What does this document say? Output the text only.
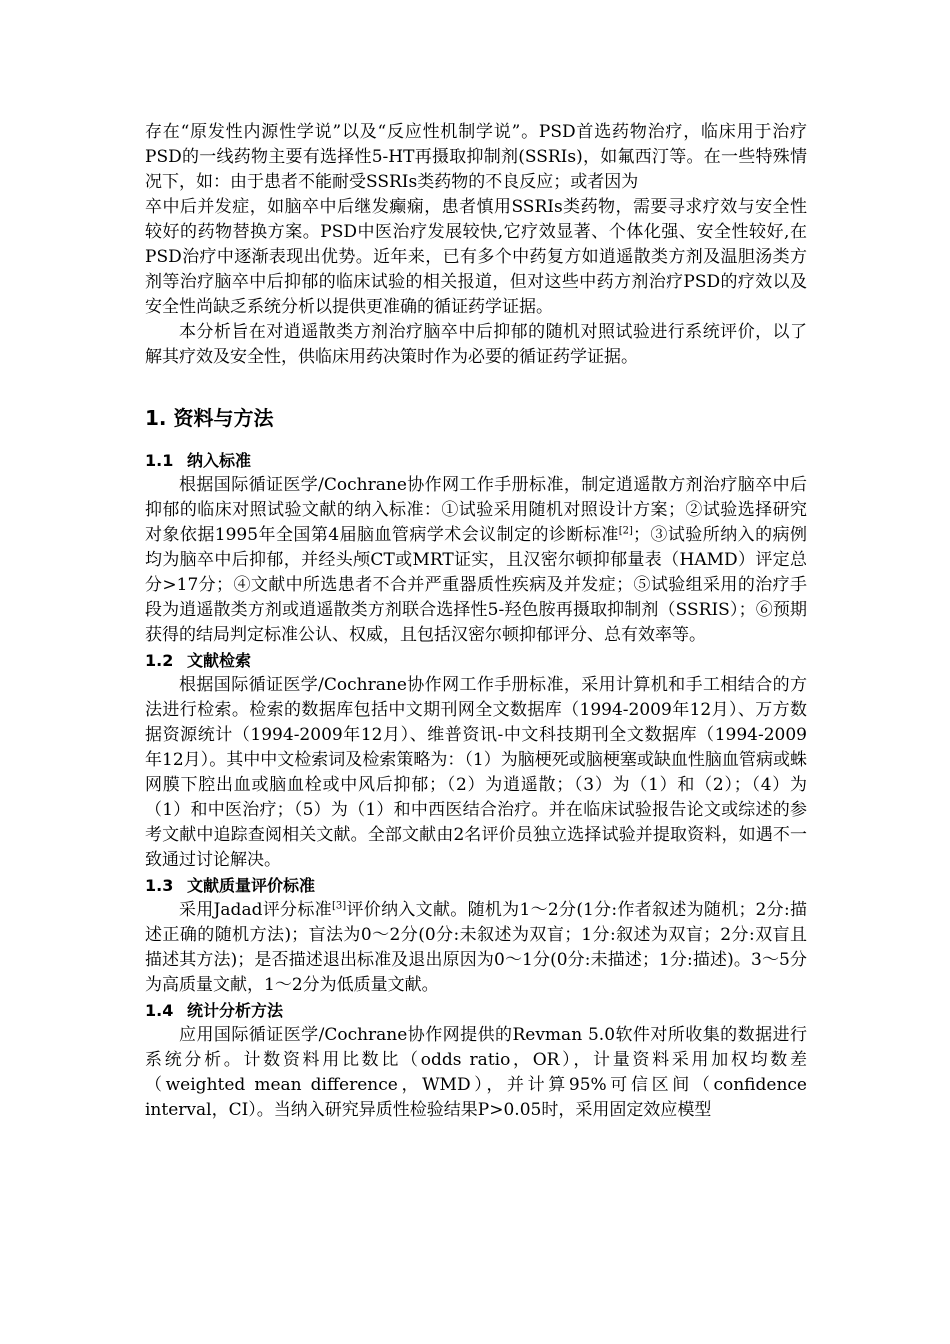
存在“原发性内源性学说”以及“反应性机制学说”。PSD首选药物治疗，临床用于治疗PSD的一线药物主要有选择性5-HT再摄取抑制剂(SSRIs)，如氟西汀等。在一些特殊情况下，如：由于患者不能耐受SSRIs类药物的不良反应；或者因为

卒中后并发症，如脑卒中后继发癫痫，患者慎用SSRIs类药物，需要寻求疗效与安全性较好的药物替换方案。PSD中医治疗发展较快,它疗效显著、个体化强、安全性较好,在PSD治疗中逐渐表现出优势。近年来，已有多个中药复方如逍遥散类方剂及温胆汤类方剂等治疗脑卒中后抑郁的临床试验的相关报道，但对这些中药方剂治疗PSD的疗效以及安全性尚缺乏系统分析以提供更准确的循证药学证据。

本分析旨在对逍遥散类方剂治疗脑卒中后抑郁的随机对照试验进行系统评价，以了解其疗效及安全性，供临床用药决策时作为必要的循证药学证据。

1. 资料与方法
1.1 纳入标准

根据国际循证医学/Cochrane协作网工作手册标准，制定逍遥散方剂治疗脑卒中后抑郁的临床对照试验文献的纳入标准：①试验采用随机对照设计方案；②试验选择研究对象依据1995年全国第4届脑血管病学术会议制定的诊断标准[2]；③试验所纳入的病例均为脑卒中后抑郁，并经头颅CT或MRT证实，且汉密尔顿抑郁量表（HAMD）评定总分>17分；④文献中所选患者不合并严重器质性疾病及并发症；⑤试验组采用的治疗手段为逍遥散类方剂或逍遥散类方剂联合选择性5-羟色胺再摄取抑制剂（SSRIS）；⑥预期获得的结局判定标准公认、权威，且包括汉密尔顿抑郁评分、总有效率等。

1.2 文献检索

根据国际循证医学/Cochrane协作网工作手册标准，采用计算机和手工相结合的方法进行检索。检索的数据库包括中文期刊网全文数据库（1994-2009年12月）、万方数据资源统计（1994-2009年12月）、维普资讯-中文科技期刊全文数据库（1994-2009年12月）。其中中文检索词及检索策略为：（1）为脑梗死或脑梗塞或缺血性脑血管病或蛛网膜下腔出血或脑血栓或中风后抑郁；（2）为逍遥散；（3）为（1）和（2）；（4）为（1）和中医治疗；（5）为（1）和中西医结合治疗。并在临床试验报告论文或综述的参考文献中追踪查阅相关文献。全部文献由2名评价员独立选择试验并提取资料，如遇不一致通过讨论解决。

1.3 文献质量评价标准

采用Jadad评分标准[3]评价纳入文献。随机为1～2分(1分:作者叙述为随机；2分:描述正确的随机方法)；盲法为0～2分(0分:未叙述为双盲；1分:叙述为双盲；2分:双盲且描述其方法)；是否描述退出标准及退出原因为0～1分(0分:未描述；1分:描述)。3～5分为高质量文献，1～2分为低质量文献。

1.4 统计分析方法

应用国际循证医学/Cochrane协作网提供的Revman 5.0软件对所收集的数据进行系统分析。计数资料用比数比（odds ratio，OR），计量资料采用加权均数差（weighted mean difference，WMD），并计算95%可信区间（confidence interval，CI）。当纳入研究异质性检验结果P>0.05时，采用固定效应模型
